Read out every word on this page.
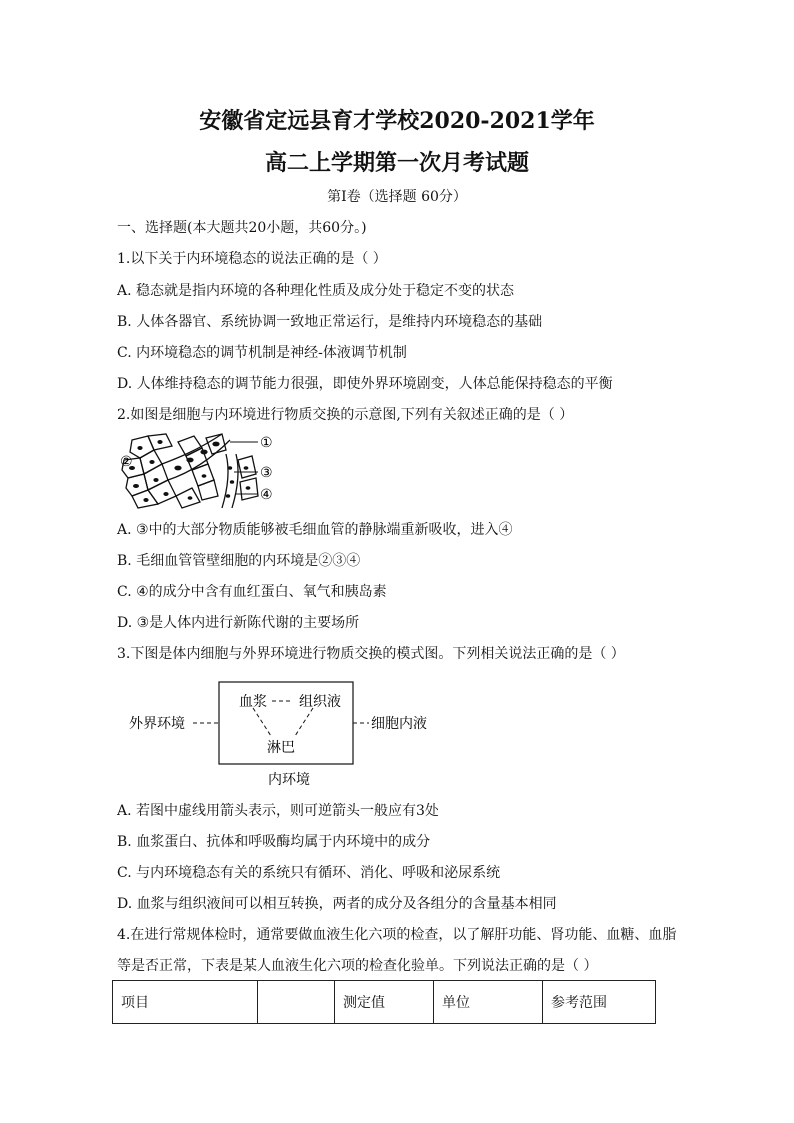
安徽省定远县育才学校2020-2021学年
高二上学期第一次月考试题
第Ⅰ卷（选择题 60分）
一、选择题(本大题共20小题，共60分。)
1.以下关于内环境稳态的说法正确的是（ ）
A. 稳态就是指内环境的各种理化性质及成分处于稳定不变的状态
B. 人体各器官、系统协调一致地正常运行，是维持内环境稳态的基础
C. 内环境稳态的调节机制是神经-体液调节机制
D. 人体维持稳态的调节能力很强，即使外界环境剧变，人体总能保持稳态的平衡
2.如图是细胞与内环境进行物质交换的示意图,下列有关叙述正确的是（ ）
①
②
③
④
A. ③中的大部分物质能够被毛细血管的静脉端重新吸收，进入④
B. 毛细血管管壁细胞的内环境是②③④
C. ④的成分中含有血红蛋白、氧气和胰岛素
D. ③是人体内进行新陈代谢的主要场所
3.下图是体内细胞与外界环境进行物质交换的模式图。下列相关说法正确的是（ ）
外界环境
血浆 组织液
淋巴
细胞内液
内环境
A. 若图中虚线用箭头表示，则可逆箭头一般应有3处
B. 血浆蛋白、抗体和呼吸酶均属于内环境中的成分
C. 与内环境稳态有关的系统只有循环、消化、呼吸和泌尿系统
D. 血浆与组织液间可以相互转换，两者的成分及各组分的含量基本相同
4.在进行常规体检时，通常要做血液生化六项的检查，以了解肝功能、肾功能、血糖、血脂
等是否正常，下表是某人血液生化六项的检查化验单。下列说法正确的是（ ）
项目		测定值	单位	参考范围
